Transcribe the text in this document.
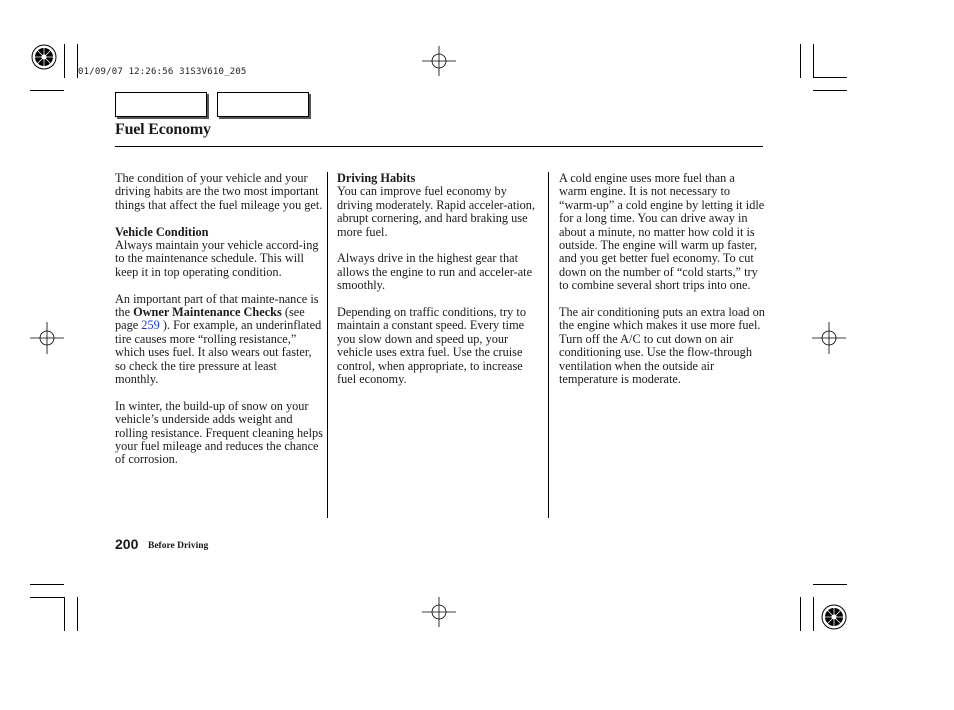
01/09/07 12:26:56 31S3V610_205
Fuel Economy

The condition of your vehicle and your driving habits are the two most important things that affect the fuel mileage you get.

Vehicle Condition
Always maintain your vehicle accord-ing to the maintenance schedule. This will keep it in top operating condition.

An important part of that mainte-nance is the Owner Maintenance Checks (see page 259 ). For example, an underinflated tire causes more “rolling resistance,” which uses fuel. It also wears out faster, so check the tire pressure at least monthly.

In winter, the build-up of snow on your vehicle’s underside adds weight and rolling resistance. Frequent cleaning helps your fuel mileage and reduces the chance of corrosion.

Driving Habits
You can improve fuel economy by driving moderately. Rapid acceler-ation, abrupt cornering, and hard braking use more fuel.

Always drive in the highest gear that allows the engine to run and acceler-ate smoothly.

Depending on traffic conditions, try to maintain a constant speed. Every time you slow down and speed up, your vehicle uses extra fuel. Use the cruise control, when appropriate, to increase fuel economy.

A cold engine uses more fuel than a warm engine. It is not necessary to “warm-up” a cold engine by letting it idle for a long time. You can drive away in about a minute, no matter how cold it is outside. The engine will warm up faster, and you get better fuel economy. To cut down on the number of “cold starts,” try to combine several short trips into one.

The air conditioning puts an extra load on the engine which makes it use more fuel. Turn off the A/C to cut down on air conditioning use. Use the flow-through ventilation when the outside air temperature is moderate.

200 Before Driving
